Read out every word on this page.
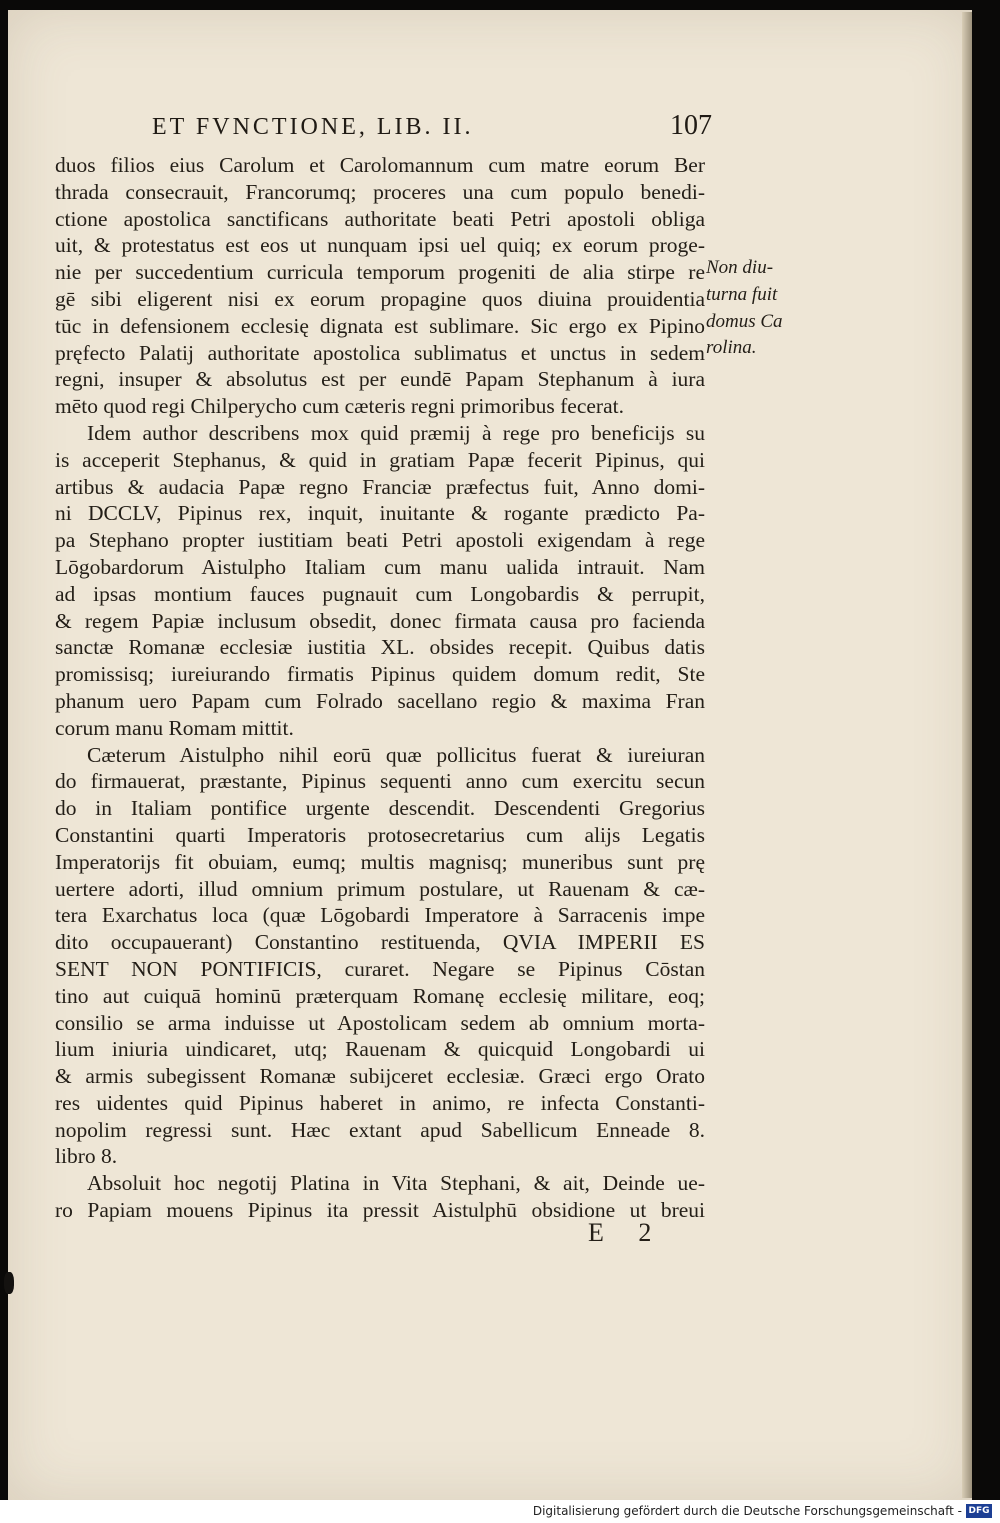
ET FVNCTIONE, LIB. II.	107
duos filios eius Carolum et Carolomannum cum matre eorum Ber
thrada consecrauit, Francorumq; proceres una cum populo benedi-
ctione apostolica sanctificans authoritate beati Petri apostoli obliga
uit, & protestatus est eos ut nunquam ipsi uel quiq; ex eorum proge-
nie per succedentium curricula temporum progeniti de alia stirpe re
gē sibi eligerent nisi ex eorum propagine quos diuina prouidentia
tūc in defensionem ecclesię dignata est sublimare. Sic ergo ex Pipino
pręfecto Palatij authoritate apostolica sublimatus et unctus in sedem
regni, insuper & absolutus est per eundē Papam Stephanum à iura
mēto quod regi Chilperycho cum cæteris regni primoribus fecerat.
Idem author describens mox quid præmij à rege pro beneficijs su
is acceperit Stephanus, & quid in gratiam Papæ fecerit Pipinus, qui
artibus & audacia Papæ regno Franciæ præfectus fuit, Anno domi-
ni DCCLV, Pipinus rex, inquit, inuitante & rogante prædicto Pa-
pa Stephano propter iustitiam beati Petri apostoli exigendam à rege
Lōgobardorum Aistulpho Italiam cum manu ualida intrauit. Nam
ad ipsas montium fauces pugnauit cum Longobardis & perrupit,
& regem Papiæ inclusum obsedit, donec firmata causa pro facienda
sanctæ Romanæ ecclesiæ iustitia XL. obsides recepit. Quibus datis
promissisq; iureiurando firmatis Pipinus quidem domum redit, Ste
phanum uero Papam cum Folrado sacellano regio & maxima Fran
corum manu Romam mittit.
Cæterum Aistulpho nihil eorū quæ pollicitus fuerat & iureiuran
do firmauerat, præstante, Pipinus sequenti anno cum exercitu secun
do in Italiam pontifice urgente descendit. Descendenti Gregorius
Constantini quarti Imperatoris protosecretarius cum alijs Legatis
Imperatorijs fit obuiam, eumq; multis magnisq; muneribus sunt prę
uertere adorti, illud omnium primum postulare, ut Rauenam & cæ-
tera Exarchatus loca (quæ Lōgobardi Imperatore à Sarracenis impe
dito occupauerant) Constantino restituenda, QVIA IMPERII ES
SENT NON PONTIFICIS, curaret. Negare se Pipinus Cōstan
tino aut cuiquā hominū præterquam Romanę ecclesię militare, eoq;
consilio se arma induisse ut Apostolicam sedem ab omnium morta-
lium iniuria uindicaret, utq; Rauenam & quicquid Longobardi ui
& armis subegissent Romanæ subijceret ecclesiæ. Græci ergo Orato
res uidentes quid Pipinus haberet in animo, re infecta Constanti-
nopolim regressi sunt. Hæc extant apud Sabellicum Enneade 8.
libro 8.
Absoluit hoc negotij Platina in Vita Stephani, & ait, Deinde ue-
ro Papiam mouens Pipinus ita pressit Aistulphū obsidione ut breui
Non diu-
turna fuit
domus Ca
rolina.
E 2
Digitalisierung gefördert durch die Deutsche Forschungsgemeinschaft - DFG
